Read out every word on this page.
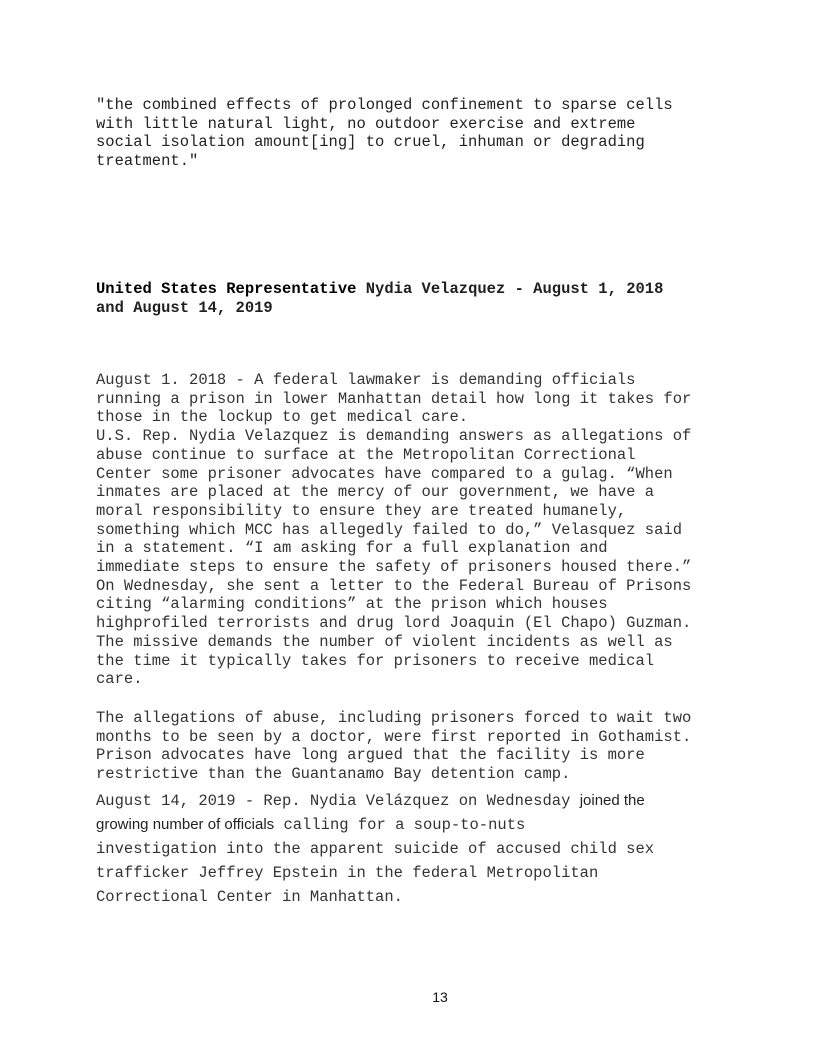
"the combined effects of prolonged confinement to sparse cells
with little natural light, no outdoor exercise and extreme
social isolation amount[ing] to cruel, inhuman or degrading
treatment."

United States Representative Nydia Velazquez - August 1, 2018
and August 14, 2019

August 1. 2018 - A federal lawmaker is demanding officials
running a prison in lower Manhattan detail how long it takes for
those in the lockup to get medical care.
U.S. Rep. Nydia Velazquez is demanding answers as allegations of
abuse continue to surface at the Metropolitan Correctional
Center some prisoner advocates have compared to a gulag. “When
inmates are placed at the mercy of our government, we have a
moral responsibility to ensure they are treated humanely,
something which MCC has allegedly failed to do,” Velasquez said
in a statement. “I am asking for a full explanation and
immediate steps to ensure the safety of prisoners housed there.”
On Wednesday, she sent a letter to the Federal Bureau of Prisons
citing “alarming conditions” at the prison which houses
highprofiled terrorists and drug lord Joaquin (El Chapo) Guzman.
The missive demands the number of violent incidents as well as
the time it typically takes for prisoners to receive medical
care.

The allegations of abuse, including prisoners forced to wait two
months to be seen by a doctor, were first reported in Gothamist.
Prison advocates have long argued that the facility is more
restrictive than the Guantanamo Bay detention camp.

August 14, 2019 - Rep. Nydia Velázquez on Wednesday joined the
growing number of officials calling for a soup-to-nuts
investigation into the apparent suicide of accused child sex
trafficker Jeffrey Epstein in the federal Metropolitan
Correctional Center in Manhattan.

13
